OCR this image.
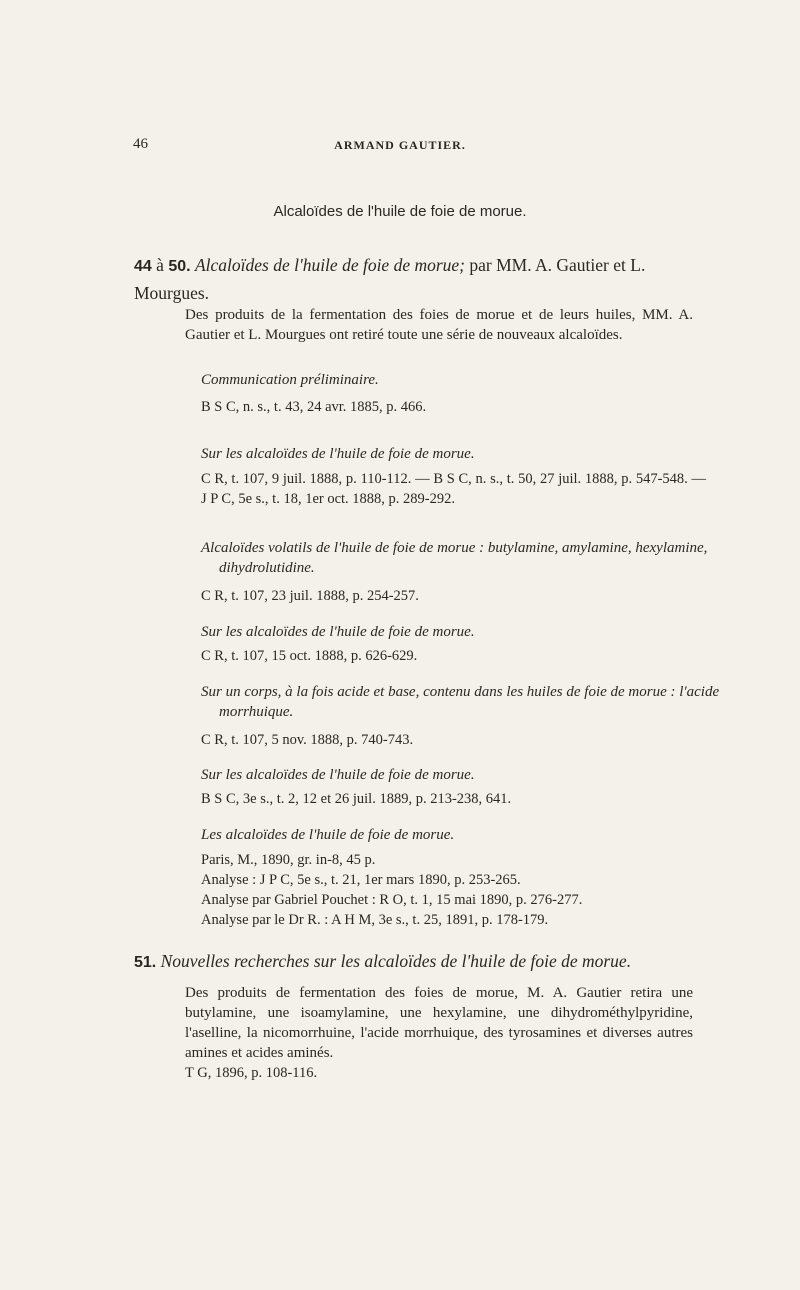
46	ARMAND GAUTIER.
Alcaloïdes de l'huile de foie de morue.
44 à 50. Alcaloïdes de l'huile de foie de morue; par MM. A. Gautier et L. Mourgues.
Des produits de la fermentation des foies de morue et de leurs huiles, MM. A. Gautier et L. Mourgues ont retiré toute une série de nouveaux alcaloïdes.
Communication préliminaire.
B S C, n. s., t. 43, 24 avr. 1885, p. 466.
Sur les alcaloïdes de l'huile de foie de morue.
C R, t. 107, 9 juil. 1888, p. 110-112. — B S C, n. s., t. 50, 27 juil. 1888, p. 547-548. — J P C, 5e s., t. 18, 1er oct. 1888, p. 289-292.
Alcaloïdes volatils de l'huile de foie de morue : butylamine, amylamine, hexylamine, dihydrolutidine.
C R, t. 107, 23 juil. 1888, p. 254-257.
Sur les alcaloïdes de l'huile de foie de morue.
C R, t. 107, 15 oct. 1888, p. 626-629.
Sur un corps, à la fois acide et base, contenu dans les huiles de foie de morue : l'acide morrhuique.
C R, t. 107, 5 nov. 1888, p. 740-743.
Sur les alcaloïdes de l'huile de foie de morue.
B S C, 3e s., t. 2, 12 et 26 juil. 1889, p. 213-238, 641.
Les alcaloïdes de l'huile de foie de morue.
Paris, M., 1890, gr. in-8, 45 p.
Analyse : J P C, 5e s., t. 21, 1er mars 1890, p. 253-265.
Analyse par Gabriel Pouchet : R O, t. 1, 15 mai 1890, p. 276-277.
Analyse par le Dr R. : A H M, 3e s., t. 25, 1891, p. 178-179.
51. Nouvelles recherches sur les alcaloïdes de l'huile de foie de morue.
Des produits de fermentation des foies de morue, M. A. Gautier retira une butylamine, une isoamylamine, une hexylamine, une dihydrométhylpyridine, l'aselline, la nicomorrhuine, l'acide morrhuique, des tyrosamines et diverses autres amines et acides aminés.
T G, 1896, p. 108-116.
